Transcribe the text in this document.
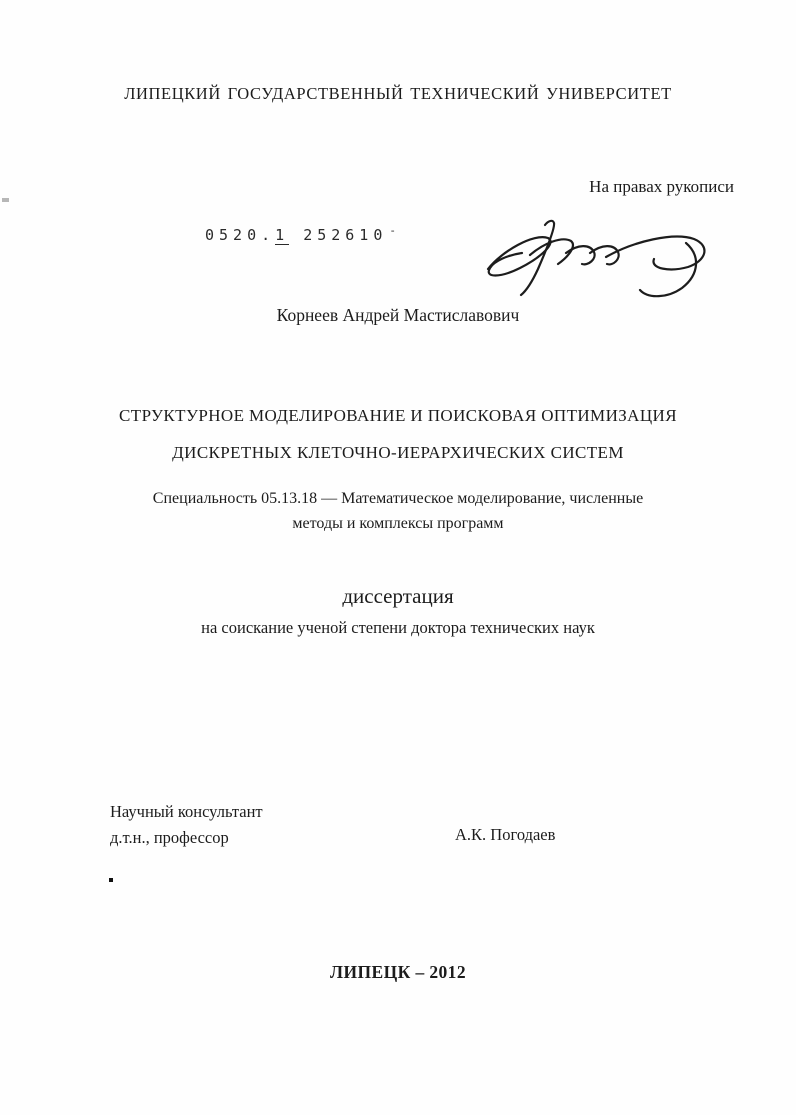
ЛИПЕЦКИЙ ГОСУДАРСТВЕННЫЙ ТЕХНИЧЕСКИЙ УНИВЕРСИТЕТ
На правах рукописи
0520.1 252610 -
Корнеев Андрей Мастиславович
СТРУКТУРНОЕ МОДЕЛИРОВАНИЕ И ПОИСКОВАЯ ОПТИМИЗАЦИЯ
ДИСКРЕТНЫХ КЛЕТОЧНО-ИЕРАРХИЧЕСКИХ СИСТЕМ
Специальность 05.13.18 — Математическое моделирование, численные
методы и комплексы программ
диссертация
на соискание ученой степени доктора технических наук
Научный консультант
д.т.н., профессор	А.К. Погодаев
ЛИПЕЦК – 2012
